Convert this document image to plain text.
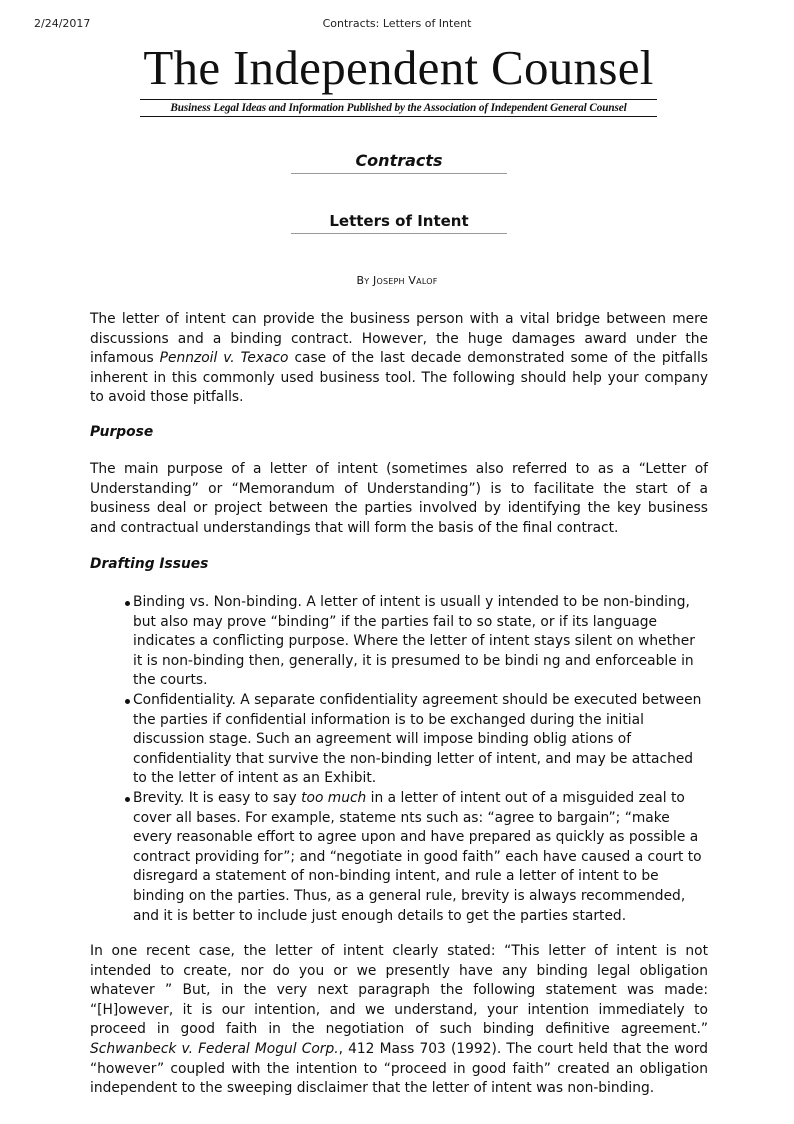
2/24/2017	Contracts: Letters of Intent
The Independent Counsel
Business Legal Ideas and Information Published by the Association of Independent General Counsel
Contracts
Letters of Intent
By Joseph Valof

The letter of intent can provide the business person with a vital bridge between mere discussions and a binding contract. However, the huge damages award under the infamous Pennzoil v. Texaco case of the last decade demonstrated some of the pitfalls inherent in this commonly used business tool. The following should help your company to avoid those pitfalls.

Purpose

The main purpose of a letter of intent (sometimes also referred to as a “Letter of Understanding” or “Memorandum of Understanding”) is to facilitate the start of a business deal or project between the parties involved by identifying the key business and contractual understandings that will form the basis of the final contract.

Drafting Issues
Binding vs. Non-binding. A letter of intent is usuall y intended to be non-binding, but also may prove “binding” if the parties fail to so state, or if its language indicates a conflicting purpose. Where the letter of intent stays silent on whether it is non-binding then, generally, it is presumed to be bindi ng and enforceable in the courts.
Confidentiality. A separate confidentiality agreement should be executed between the parties if confidential information is to be exchanged during the initial discussion stage. Such an agreement will impose binding oblig ations of confidentiality that survive the non-binding letter of intent, and may be attached to the letter of intent as an Exhibit.
Brevity. It is easy to say too much in a letter of intent out of a misguided zeal to cover all bases. For example, stateme nts such as: “agree to bargain”; “make every reasonable effort to agree upon and have prepared as quickly as possible a contract providing for”; and “negotiate in good faith” each have caused a court to disregard a statement of non-binding intent, and rule a letter of intent to be binding on the parties. Thus, as a general rule, brevity is always recommended, and it is better to include just enough details to get the parties started.

In one recent case, the letter of intent clearly stated: “This letter of intent is not intended to create, nor do you or we presently have any binding legal obligation whatever ” But, in the very next paragraph the following statement was made: “[H]owever, it is our intention, and we understand, your intention immediately to proceed in good faith in the negotiation of such binding definitive agreement.” Schwanbeck v. Federal Mogul Corp., 412 Mass 703 (1992). The court held that the word “however” coupled with the intention to “proceed in good faith” created an obligation independent to the sweeping disclaimer that the letter of intent was non-binding.
